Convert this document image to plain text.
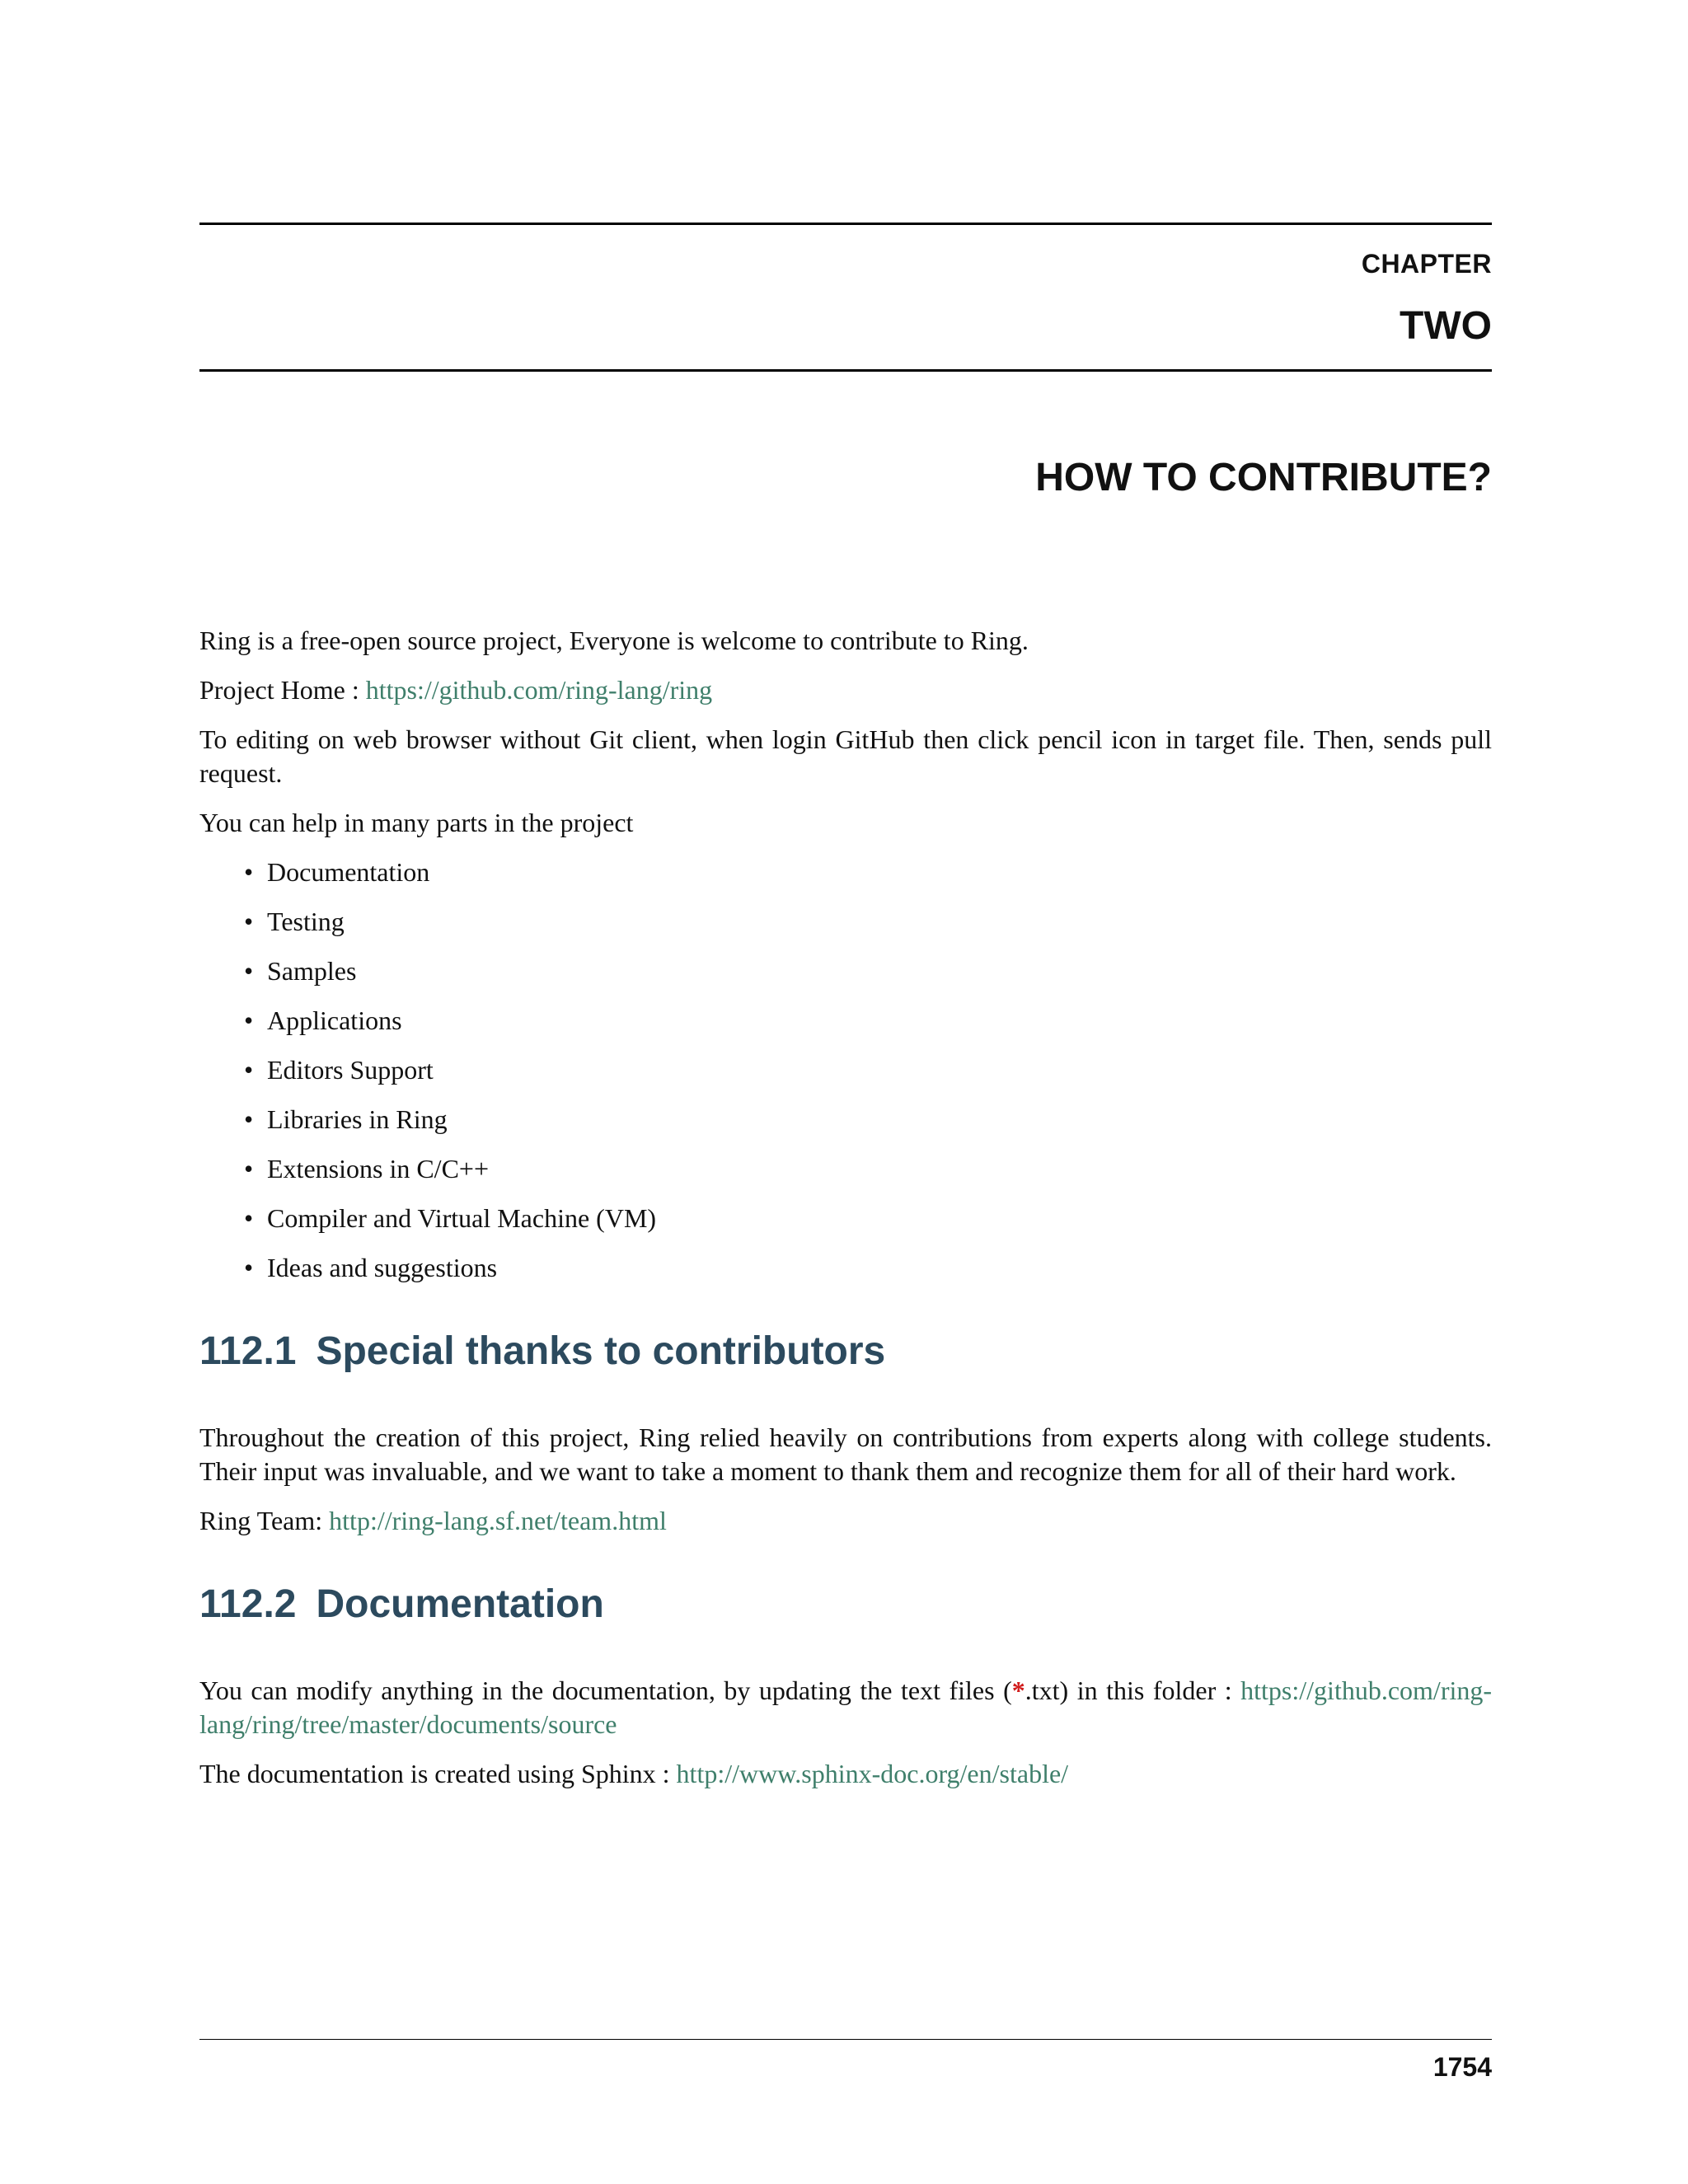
CHAPTER
TWO
HOW TO CONTRIBUTE?

Ring is a free-open source project, Everyone is welcome to contribute to Ring.

Project Home : https://github.com/ring-lang/ring

To editing on web browser without Git client, when login GitHub then click pencil icon in target file. Then, sends pull request.

You can help in many parts in the project

• Documentation
• Testing
• Samples
• Applications
• Editors Support
• Libraries in Ring
• Extensions in C/C++
• Compiler and Virtual Machine (VM)
• Ideas and suggestions
112.1 Special thanks to contributors

Throughout the creation of this project, Ring relied heavily on contributions from experts along with college students. Their input was invaluable, and we want to take a moment to thank them and recognize them for all of their hard work.

Ring Team: http://ring-lang.sf.net/team.html

112.2 Documentation

You can modify anything in the documentation, by updating the text files (*.txt) in this folder : https://github.com/ring-lang/ring/tree/master/documents/source

The documentation is created using Sphinx : http://www.sphinx-doc.org/en/stable/

1754
